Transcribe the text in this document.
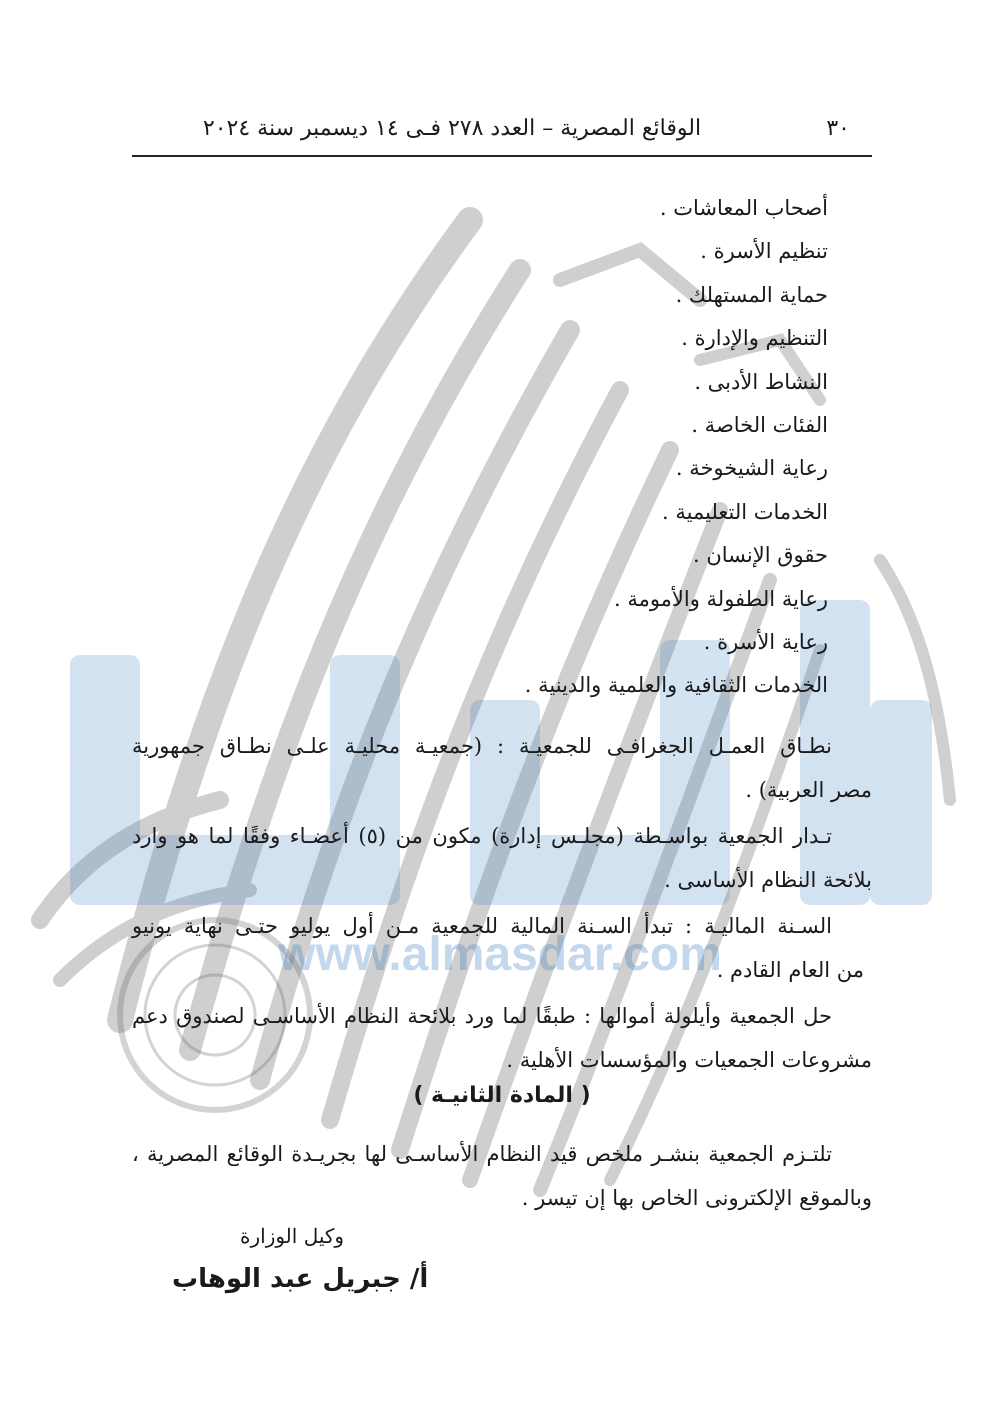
www.almasdar.com
٣٠
الوقائع المصرية – العدد ٢٧٨ فـى ١٤ ديسمبر سنة ٢٠٢٤
أصحاب المعاشات .
تنظيم الأسرة .
حماية المستهلك .
التنظيم والإدارة .
النشاط الأدبى .
الفئات الخاصة .
رعاية الشيخوخة .
الخدمات التعليمية .
حقوق الإنسان .
رعاية الطفولة والأمومة .
رعاية الأسرة .
الخدمات الثقافية والعلمية والدينية .
نطـاق العمـل الجغرافـى للجمعيـة : (جمعيـة محليـة علـى نطـاق جمهورية
مصر العربية) .
تـدار الجمعية بواسـطة (مجلـس إدارة) مكون من (٥) أعضـاء وفقًا لما هو وارد
بلائحة النظام الأساسى .
السـنة الماليـة : تبدأ السـنة المالية للجمعية مـن أول يوليو حتـى نهاية يونيو
من العام القادم .
حل الجمعية وأيلولة أموالها : طبقًا لما ورد بلائحة النظام الأساسـى لصندوق دعم
مشروعات الجمعيات والمؤسسات الأهلية .
( المادة الثانيـة )
تلتـزم الجمعية بنشـر ملخص قيد النظام الأساسـى لها بجريـدة الوقائع المصرية ،
وبالموقع الإلكترونى الخاص بها إن تيسر .
وكيل الوزارة
أ/ جبريل عبد الوهاب
